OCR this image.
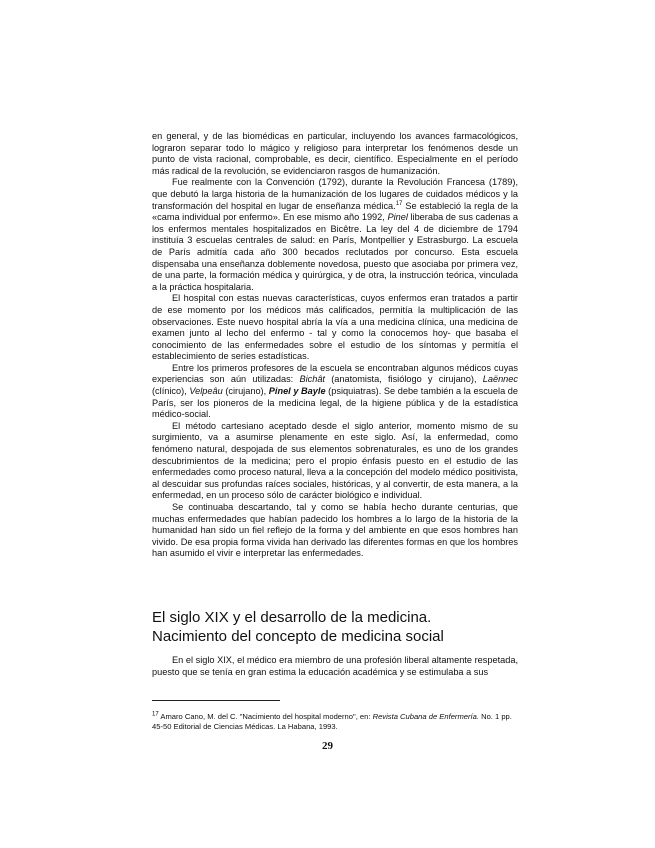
en general, y de las biomédicas en particular, incluyendo los avances farmacológicos, lograron separar todo lo mágico y religioso para interpretar los fenómenos desde un punto de vista racional, comprobable, es decir, científico. Especialmente en el período más radical de la revolución, se evidenciaron rasgos de humanización.

Fue realmente con la Convención (1792), durante la Revolución Francesa (1789), que debutó la larga historia de la humanización de los lugares de cuidados médicos y la transformación del hospital en lugar de enseñanza médica.$^{17}$ Se estableció la regla de la «cama individual por enfermo». En ese mismo año 1992, Pinel liberaba de sus cadenas a los enfermos mentales hospitalizados en Bicêtre. La ley del 4 de diciembre de 1794 instituía 3 escuelas centrales de salud: en París, Montpellier y Estrasburgo. La escuela de París admitía cada año 300 becados reclutados por concurso. Esta escuela dispensaba una enseñanza doblemente novedosa, puesto que asociaba por primera vez, de una parte, la formación médica y quirúrgica, y de otra, la instrucción teórica, vinculada a la práctica hospitalaria.

El hospital con estas nuevas características, cuyos enfermos eran tratados a partir de ese momento por los médicos más calificados, permitía la multiplicación de las observaciones. Este nuevo hospital abría la vía a una medicina clínica, una medicina de examen junto al lecho del enfermo - tal y como la conocemos hoy- que basaba el conocimiento de las enfermedades sobre el estudio de los síntomas y permitía el establecimiento de series estadísticas.

Entre los primeros profesores de la escuela se encontraban algunos médicos cuyas experiencias son aún utilizadas: Bichât (anatomista, fisiólogo y cirujano), Laënnec (clínico), Velpeâu (cirujano), Pinel y Bayle (psiquiatras). Se debe también a la escuela de París, ser los pioneros de la medicina legal, de la higiene pública y de la estadística médico-social.

El método cartesiano aceptado desde el siglo anterior, momento mismo de su surgimiento, va a asumirse plenamente en este siglo. Así, la enfermedad, como fenómeno natural, despojada de sus elementos sobrenaturales, es uno de los grandes descubrimientos de la medicina; pero el propio énfasis puesto en el estudio de las enfermedades como proceso natural, lleva a la concepción del modelo médico positivista, al descuidar sus profundas raíces sociales, históricas, y al convertir, de esta manera, a la enfermedad, en un proceso sólo de carácter biológico e individual.

Se continuaba descartando, tal y como se había hecho durante centurias, que muchas enfermedades que habían padecido los hombres a lo largo de la historia de la humanidad han sido un fiel reflejo de la forma y del ambiente en que esos hombres han vivido. De esa propia forma vivida han derivado las diferentes formas en que los hombres han asumido el vivir e interpretar las enfermedades.

El siglo XIX y el desarrollo de la medicina.
Nacimiento del concepto de medicina social

En el siglo XIX, el médico era miembro de una profesión liberal altamente respetada, puesto que se tenía en gran estima la educación académica y se estimulaba a sus

$^{17}$ Amaro Cano, M. del C. "Nacimiento del hospital moderno", en: Revista Cubana de Enfermería. No. 1 pp. 45-50 Editorial de Ciencias Médicas. La Habana, 1993.

29
